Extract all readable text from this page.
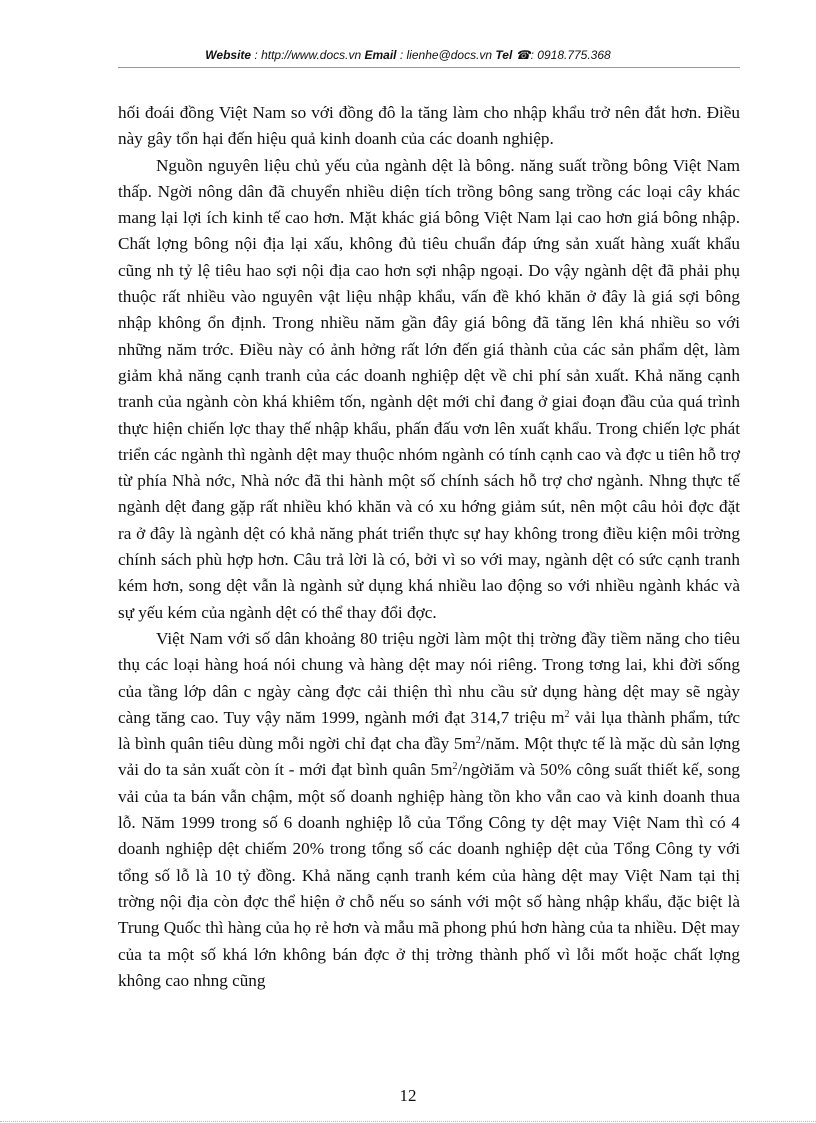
Website : http://www.docs.vn Email : lienhe@docs.vn Tel ☎: 0918.775.368

hối đoái đồng Việt Nam so với đồng đô la tăng làm cho nhập khẩu trở nên đắt hơn. Điều này gây tổn hại đến hiệu quả kinh doanh của các doanh nghiệp.

Nguồn nguyên liệu chủ yếu của ngành dệt là bông. năng suất trồng bông Việt Nam thấp. Ngời nông dân đã chuyển nhiều diện tích trồng bông sang trồng các loại cây khác mang lại lợi ích kinh tế cao hơn. Mặt khác giá bông Việt Nam lại cao hơn giá bông nhập. Chất lợng bông nội địa lại xấu, không đủ tiêu chuẩn đáp ứng sản xuất hàng xuất khẩu cũng nh tỷ lệ tiêu hao sợi nội địa cao hơn sợi nhập ngoại. Do vậy ngành dệt đã phải phụ thuộc rất nhiều vào nguyên vật liệu nhập khẩu, vấn đề khó khăn ở đây là giá sợi bông nhập không ổn định. Trong nhiều năm gần đây giá bông đã tăng lên khá nhiều so với những năm trớc. Điều này có ảnh hởng rất lớn đến giá thành của các sản phẩm dệt, làm giảm khả năng cạnh tranh của các doanh nghiệp dệt về chi phí sản xuất. Khả năng cạnh tranh của ngành còn khá khiêm tốn, ngành dệt mới chỉ đang ở giai đoạn đầu của quá trình thực hiện chiến lợc thay thế nhập khẩu, phấn đấu vơn lên xuất khẩu. Trong chiến lợc phát triển các ngành thì ngành dệt may thuộc nhóm ngành có tính cạnh cao và đợc u tiên hỗ trợ từ phía Nhà nớc, Nhà nớc đã thi hành một số chính sách hỗ trợ chơ ngành. Nhng thực tế ngành dệt đang gặp rất nhiều khó khăn và có xu hớng giảm sút, nên một câu hỏi đợc đặt ra ở đây là ngành dệt có khả năng phát triển thực sự hay không trong điều kiện môi trờng chính sách phù hợp hơn. Câu trả lời là có, bởi vì so với may, ngành dệt có sức cạnh tranh kém hơn, song dệt vẫn là ngành sử dụng khá nhiều lao động so với nhiều ngành khác và sự yếu kém của ngành dệt có thể thay đổi đợc.

Việt Nam với số dân khoảng 80 triệu ngời làm một thị trờng đầy tiềm năng cho tiêu thụ các loại hàng hoá nói chung và hàng dệt may nói riêng. Trong tơng lai, khi đời sống của tầng lớp dân c ngày càng đợc cải thiện thì nhu cầu sử dụng hàng dệt may sẽ ngày càng tăng cao. Tuy vậy năm 1999, ngành mới đạt 314,7 triệu $m^2$ vải lụa thành phẩm, tức là bình quân tiêu dùng mỗi ngời chỉ đạt cha đầy $5m^2$/năm. Một thực tế là mặc dù sản lợng vải do ta sản xuất còn ít - mới đạt bình quân $5m^2$/ngờiăm và 50% công suất thiết kế, song vải của ta bán vẫn chậm, một số doanh nghiệp hàng tồn kho vẫn cao và kinh doanh thua lỗ. Năm 1999 trong số 6 doanh nghiệp lỗ của Tổng Công ty dệt may Việt Nam thì có 4 doanh nghiệp dệt chiếm 20% trong tổng số các doanh nghiệp dệt của Tổng Công ty với tổng số lỗ là 10 tỷ đồng. Khả năng cạnh tranh kém của hàng dệt may Việt Nam tại thị trờng nội địa còn đợc thể hiện ở chỗ nếu so sánh với một số hàng nhập khẩu, đặc biệt là Trung Quốc thì hàng của họ rẻ hơn và mẫu mã phong phú hơn hàng của ta nhiều. Dệt may của ta một số khá lớn không bán đợc ở thị trờng thành phố vì lỗi mốt hoặc chất lợng không cao nhng cũng

12
